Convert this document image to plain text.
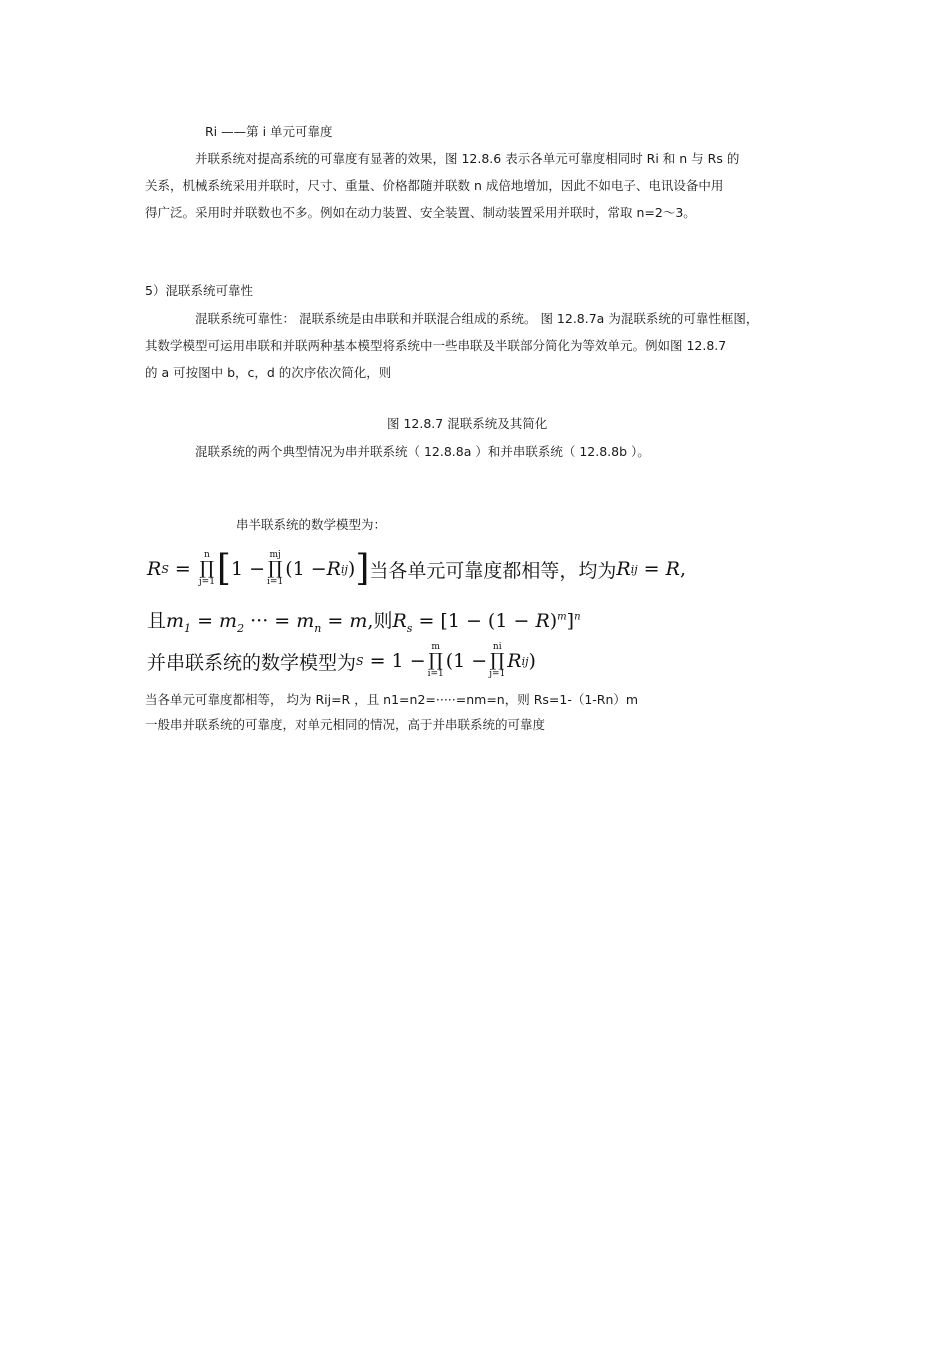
Ri ——第 i 单元可靠度
并联系统对提高系统的可靠度有显著的效果，图 12.8.6 表示各单元可靠度相同时 Ri 和 n 与 Rs 的
关系，机械系统采用并联时，尺寸、重量、价格都随并联数 n 成倍地增加，因此不如电子、电讯设备中用
得广泛。采用时并联数也不多。例如在动力装置、安全装置、制动装置采用并联时，常取 n=2～3。
5）混联系统可靠性
混联系统可靠性： 混联系统是由串联和并联混合组成的系统。 图 12.8.7a 为混联系统的可靠性框图，
其数学模型可运用串联和并联两种基本模型将系统中一些串联及半联部分简化为等效单元。例如图 12.8.7
的 a 可按图中 b，c，d 的次序依次简化，则
图 12.8.7 混联系统及其简化
混联系统的两个典型情况为串并联系统（ 12.8.8a ）和并串联系统（ 12.8.8b ）。
串半联系统的数学模型为：
R S =
n
∏
j=1 [ 1 −
mj
∏
i=1
(1 − R ij ) ] 当各单元可靠度都相等，均为 R ij = R ,
且$m_1 = m_2$ ··· = $m_n = m$,则$R_s = [1 - (1 - R)^m]^n$
并串联系统的数学模型为 S = 1 −
m
∏
i=1
(1 −
ni
∏
j=1
R ij )
当各单元可靠度都相等， 均为 Rij=R ，且 n1=n2=·····=nm=n，则 Rs=1-（1-Rn）m
一般串并联系统的可靠度，对单元相同的情况，高于并串联系统的可靠度
